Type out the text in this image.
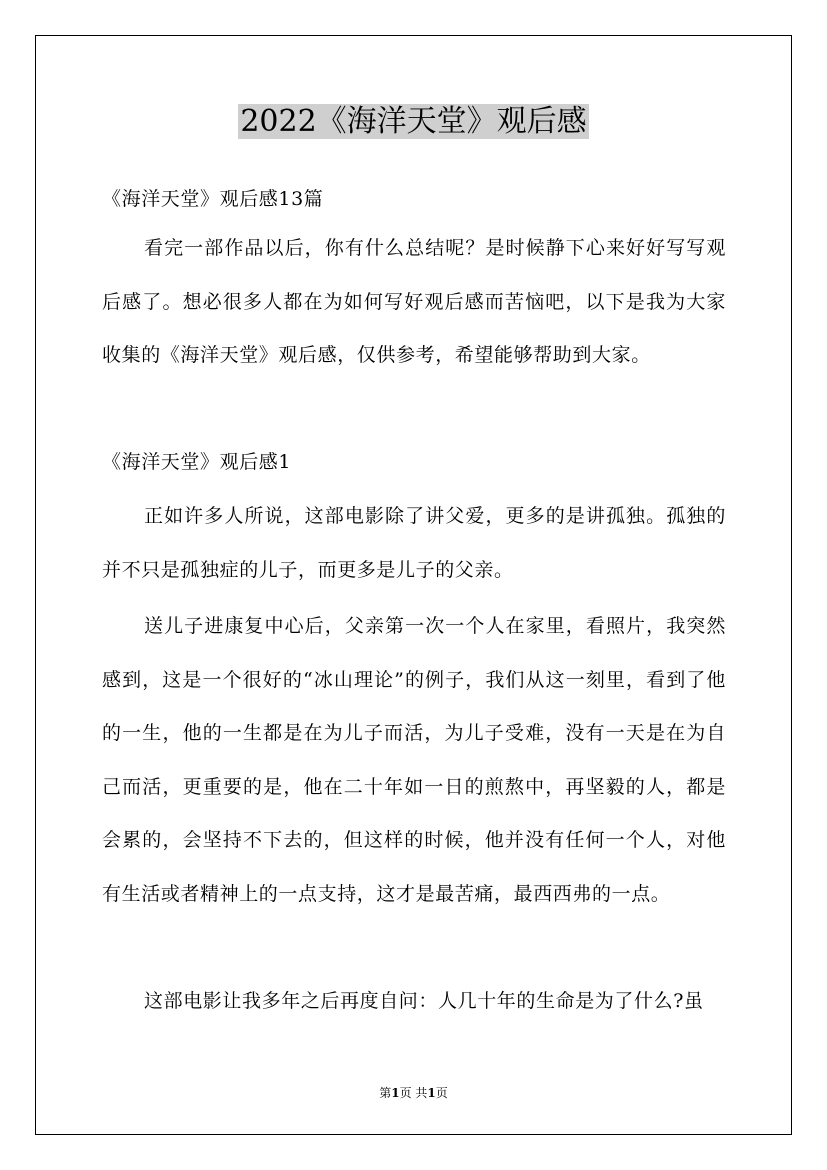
2022《海洋天堂》观后感

《海洋天堂》观后感13篇

看完一部作品以后，你有什么总结呢？是时候静下心来好好写写观后感了。想必很多人都在为如何写好观后感而苦恼吧，以下是我为大家收集的《海洋天堂》观后感，仅供参考，希望能够帮助到大家。

《海洋天堂》观后感1

正如许多人所说，这部电影除了讲父爱，更多的是讲孤独。孤独的并不只是孤独症的儿子，而更多是儿子的父亲。

送儿子进康复中心后，父亲第一次一个人在家里，看照片，我突然感到，这是一个很好的“冰山理论”的例子，我们从这一刻里，看到了他的一生，他的一生都是在为儿子而活，为儿子受难，没有一天是在为自己而活，更重要的是，他在二十年如一日的煎熬中，再坚毅的人，都是会累的，会坚持不下去的，但这样的时候，他并没有任何一个人，对他有生活或者精神上的一点支持，这才是最苦痛，最西西弗的一点。

这部电影让我多年之后再度自问：人几十年的生命是为了什么?虽

第1页 共1页
